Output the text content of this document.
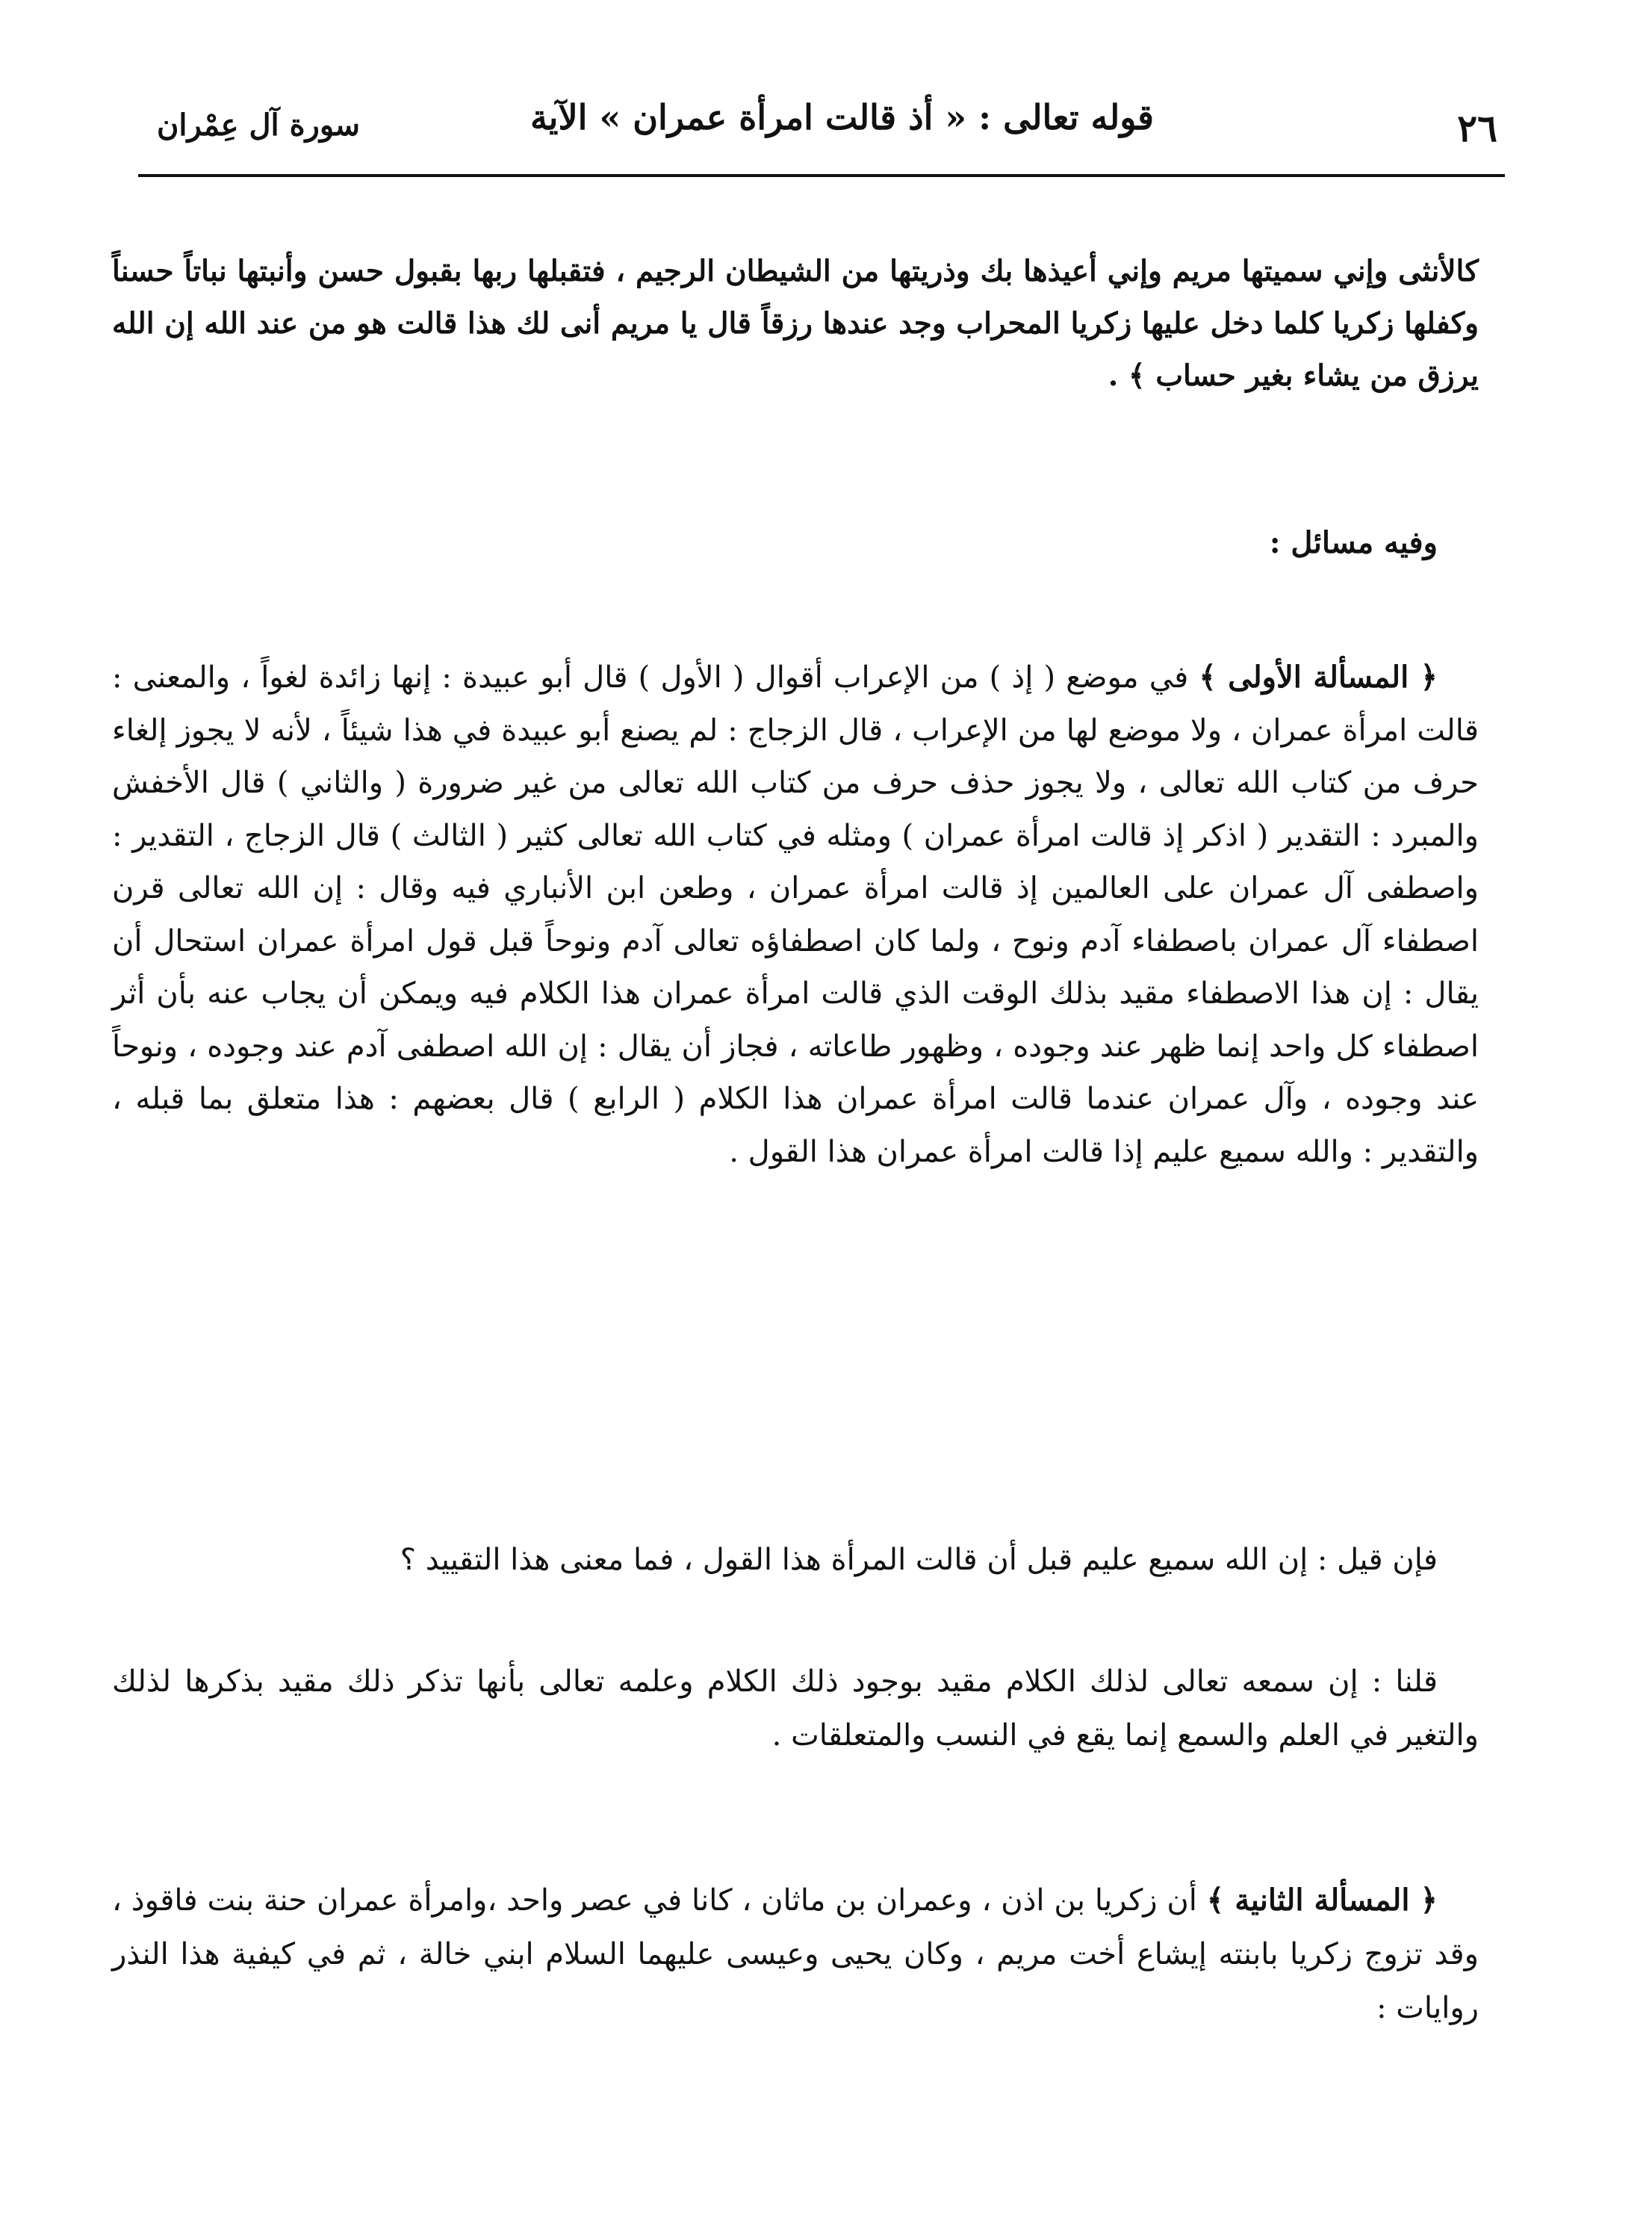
٢٦
قوله تعالى : « أذ قالت امرأة عمران » الآية
سورة آل عِمْران

كالأنثى وإني سميتها مريم وإني أعيذها بك وذريتها من الشيطان الرجيم ، فتقبلها ربها بقبول حسن وأنبتها نباتاً حسناً وكفلها زكريا كلما دخل عليها زكريا المحراب وجد عندها رزقاً قال يا مريم أنى لك هذا قالت هو من عند الله إن الله يرزق من يشاء بغير حساب ﴾ .

وفيه مسائل :

﴿ المسألة الأولى ﴾ في موضع ( إذ ) من الإعراب أقوال ( الأول ) قال أبو عبيدة : إنها زائدة لغواً ، والمعنى : قالت امرأة عمران ، ولا موضع لها من الإعراب ، قال الزجاج : لم يصنع أبو عبيدة في هذا شيئاً ، لأنه لا يجوز إلغاء حرف من كتاب الله تعالى ، ولا يجوز حذف حرف من كتاب الله تعالى من غير ضرورة ( والثاني ) قال الأخفش والمبرد : التقدير ( اذكر إذ قالت امرأة عمران ) ومثله في كتاب الله تعالى كثير ( الثالث ) قال الزجاج ، التقدير : واصطفى آل عمران على العالمين إذ قالت امرأة عمران ، وطعن ابن الأنباري فيه وقال : إن الله تعالى قرن اصطفاء آل عمران باصطفاء آدم ونوح ، ولما كان اصطفاؤه تعالى آدم ونوحاً قبل قول امرأة عمران استحال أن يقال : إن هذا الاصطفاء مقيد بذلك الوقت الذي قالت امرأة عمران هذا الكلام فيه ويمكن أن يجاب عنه بأن أثر اصطفاء كل واحد إنما ظهر عند وجوده ، وظهور طاعاته ، فجاز أن يقال : إن الله اصطفى آدم عند وجوده ، ونوحاً عند وجوده ، وآل عمران عندما قالت امرأة عمران هذا الكلام ( الرابع ) قال بعضهم : هذا متعلق بما قبله ، والتقدير : والله سميع عليم إذا قالت امرأة عمران هذا القول .

فإن قيل : إن الله سميع عليم قبل أن قالت المرأة هذا القول ، فما معنى هذا التقييد ؟

قلنا : إن سمعه تعالى لذلك الكلام مقيد بوجود ذلك الكلام وعلمه تعالى بأنها تذكر ذلك مقيد بذكرها لذلك والتغير في العلم والسمع إنما يقع في النسب والمتعلقات .

﴿ المسألة الثانية ﴾ أن زكريا بن اذن ، وعمران بن ماثان ، كانا في عصر واحد ،وامرأة عمران حنة بنت فاقوذ ، وقد تزوج زكريا بابنته إيشاع أخت مريم ، وكان يحيى وعيسى عليهما السلام ابني خالة ، ثم في كيفية هذا النذر روايات :
